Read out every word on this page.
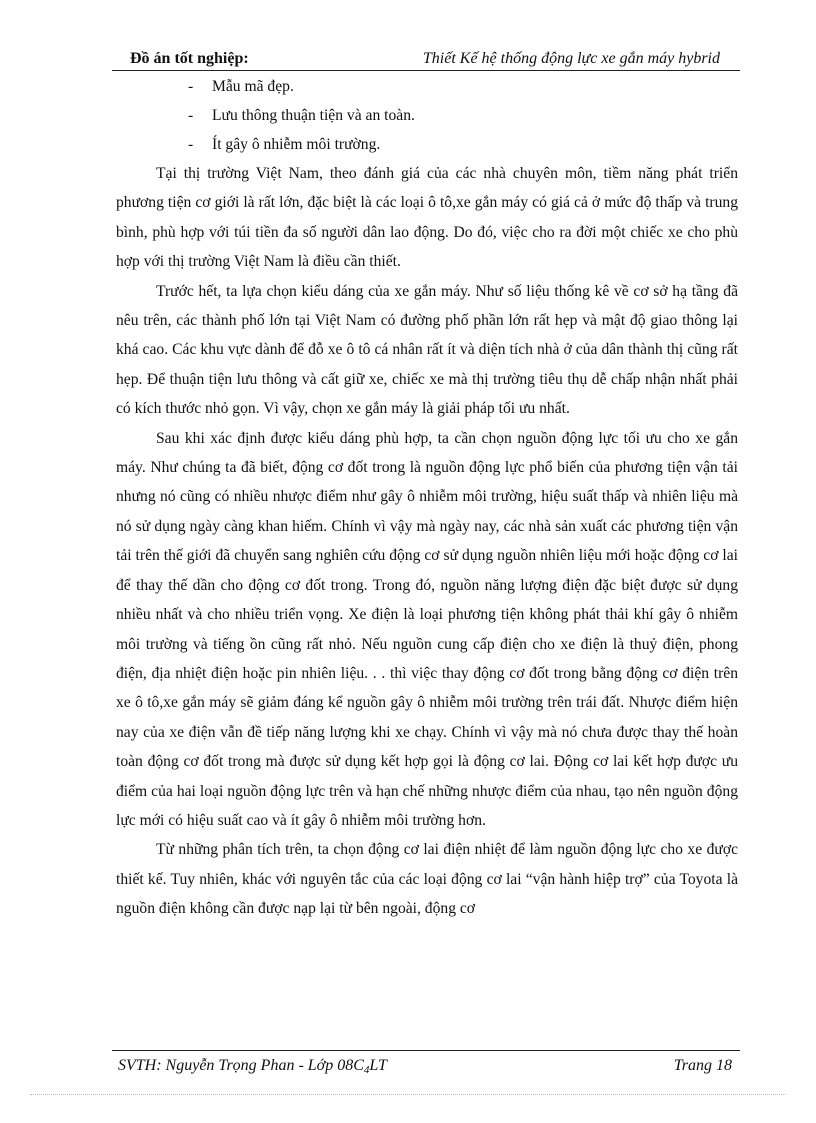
Đồ án tốt nghiệp:	Thiết Kế hệ thống động lực xe gắn máy hybrid
- Mẫu mã đẹp.
- Lưu thông thuận tiện và an toàn.
- Ít gây ô nhiễm môi trường.

Tại thị trường Việt Nam, theo đánh giá của các nhà chuyên môn, tiềm năng phát triển phương tiện cơ giới là rất lớn, đặc biệt là các loại ô tô,xe gắn máy có giá cả ở mức độ thấp và trung bình, phù hợp với túi tiền đa số người dân lao động. Do đó, việc cho ra đời một chiếc xe cho phù hợp với thị trường Việt Nam là điều cần thiết.

Trước hết, ta lựa chọn kiểu dáng của xe gắn máy. Như số liệu thống kê về cơ sở hạ tầng đã nêu trên, các thành phố lớn tại Việt Nam có đường phố phần lớn rất hẹp và mật độ giao thông lại khá cao. Các khu vực dành để đỗ xe ô tô cá nhân rất ít và diện tích nhà ở của dân thành thị cũng rất hẹp. Để thuận tiện lưu thông và cất giữ xe, chiếc xe mà thị trường tiêu thụ dễ chấp nhận nhất phải có kích thước nhỏ gọn. Vì vậy, chọn xe gắn máy là giải pháp tối ưu nhất.

Sau khi xác định được kiểu dáng phù hợp, ta cần chọn nguồn động lực tối ưu cho xe gắn máy. Như chúng ta đã biết, động cơ đốt trong là nguồn động lực phổ biến của phương tiện vận tải nhưng nó cũng có nhiều nhược điểm như gây ô nhiễm môi trường, hiệu suất thấp và nhiên liệu mà nó sử dụng ngày càng khan hiếm. Chính vì vậy mà ngày nay, các nhà sản xuất các phương tiện vận tải trên thế giới đã chuyển sang nghiên cứu động cơ sử dụng nguồn nhiên liệu mới hoặc động cơ lai để thay thế dần cho động cơ đốt trong. Trong đó, nguồn năng lượng điện đặc biệt được sử dụng nhiều nhất và cho nhiều triển vọng. Xe điện là loại phương tiện không phát thải khí gây ô nhiễm môi trường và tiếng ồn cũng rất nhỏ. Nếu nguồn cung cấp điện cho xe điện là thuỷ điện, phong điện, địa nhiệt điện hoặc pin nhiên liệu. . . thì việc thay động cơ đốt trong bằng động cơ điện trên xe ô tô,xe gắn máy sẽ giảm đáng kể nguồn gây ô nhiễm môi trường trên trái đất. Nhược điểm hiện nay của xe điện vẫn đề tiếp năng lượng khi xe chạy. Chính vì vậy mà nó chưa được thay thế hoàn toàn động cơ đốt trong mà được sử dụng kết hợp gọi là động cơ lai. Động cơ lai kết hợp được ưu điểm của hai loại nguồn động lực trên và hạn chế những nhược điểm của nhau, tạo nên nguồn động lực mới có hiệu suất cao và ít gây ô nhiễm môi trường hơn.

Từ những phân tích trên, ta chọn động cơ lai điện nhiệt để làm nguồn động lực cho xe được thiết kế. Tuy nhiên, khác với nguyên tắc của các loại động cơ lai “vận hành hiệp trợ” của Toyota là nguồn điện không cần được nạp lại từ bên ngoài, động cơ

SVTH: Nguyễn Trọng Phan - Lớp $08C_4LT$	Trang 18
